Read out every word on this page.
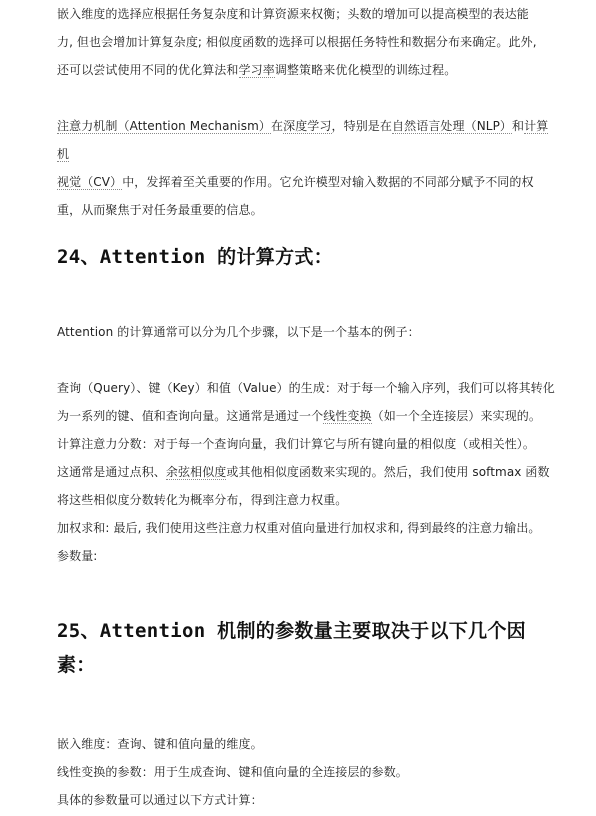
嵌入维度的选择应根据任务复杂度和计算资源来权衡；头数的增加可以提高模型的表达能

力, 但也会增加计算复杂度; 相似度函数的选择可以根据任务特性和数据分布来确定。此外,

还可以尝试使用不同的优化算法和学习率调整策略来优化模型的训练过程。

注意力机制（Attention Mechanism）在深度学习，特别是在自然语言处理（NLP）和计算机

视觉（CV）中，发挥着至关重要的作用。它允许模型对输入数据的不同部分赋予不同的权

重，从而聚焦于对任务最重要的信息。

24、Attention 的计算方式：

Attention 的计算通常可以分为几个步骤，以下是一个基本的例子：

查询（Query）、键（Key）和值（Value）的生成：对于每一个输入序列，我们可以将其转化

为一系列的键、值和查询向量。这通常是通过一个线性变换（如一个全连接层）来实现的。

计算注意力分数：对于每一个查询向量，我们计算它与所有键向量的相似度（或相关性）。

这通常是通过点积、余弦相似度或其他相似度函数来实现的。然后，我们使用 softmax 函数

将这些相似度分数转化为概率分布，得到注意力权重。

加权求和: 最后, 我们使用这些注意力权重对值向量进行加权求和, 得到最终的注意力输出。

参数量:

25、Attention 机制的参数量主要取决于以下几个因素：

嵌入维度：查询、键和值向量的维度。

线性变换的参数：用于生成查询、键和值向量的全连接层的参数。

具体的参数量可以通过以下方式计算：
